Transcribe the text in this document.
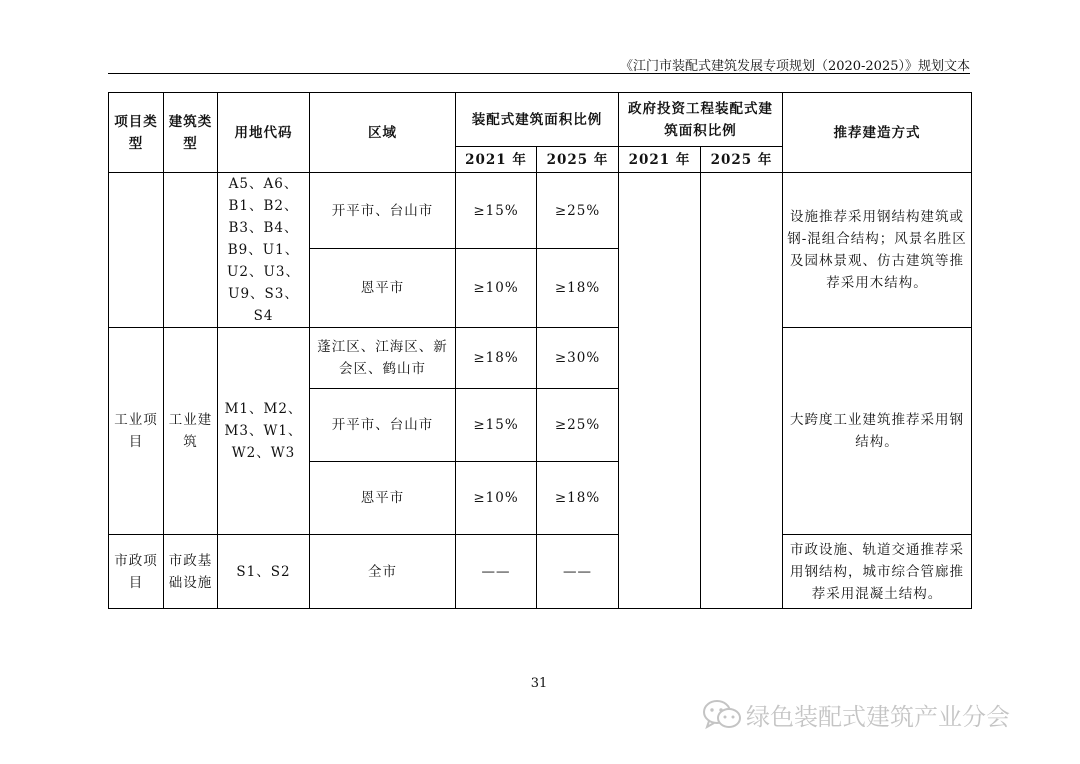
《江门市装配式建筑发展专项规划（2020-2025）》规划文本
项目类型	建筑类型	用地代码	区域	装配式建筑面积比例		政府投资工程装配式建筑面积比例		推荐建造方式
				2021 年	2025 年	2021 年	2025 年	
		A5、A6、B1、B2、B3、B4、B9、U1、U2、U3、U9、S3、S4	开平市、台山市	≥15%	≥25%			设施推荐采用钢结构建筑或钢-混组合结构；风景名胜区及园林景观、仿古建筑等推荐采用木结构。
			恩平市	≥10%	≥18%			
工业项目	工业建筑	M1、M2、M3、W1、W2、W3	蓬江区、江海区、新会区、鹤山市	≥18%	≥30%			大跨度工业建筑推荐采用钢结构。
			开平市、台山市	≥15%	≥25%			
			恩平市	≥10%	≥18%			
市政项目	市政基础设施	S1、S2	全市	——	——			市政设施、轨道交通推荐采用钢结构，城市综合管廊推荐采用混凝土结构。
31
绿色装配式建筑产业分会
